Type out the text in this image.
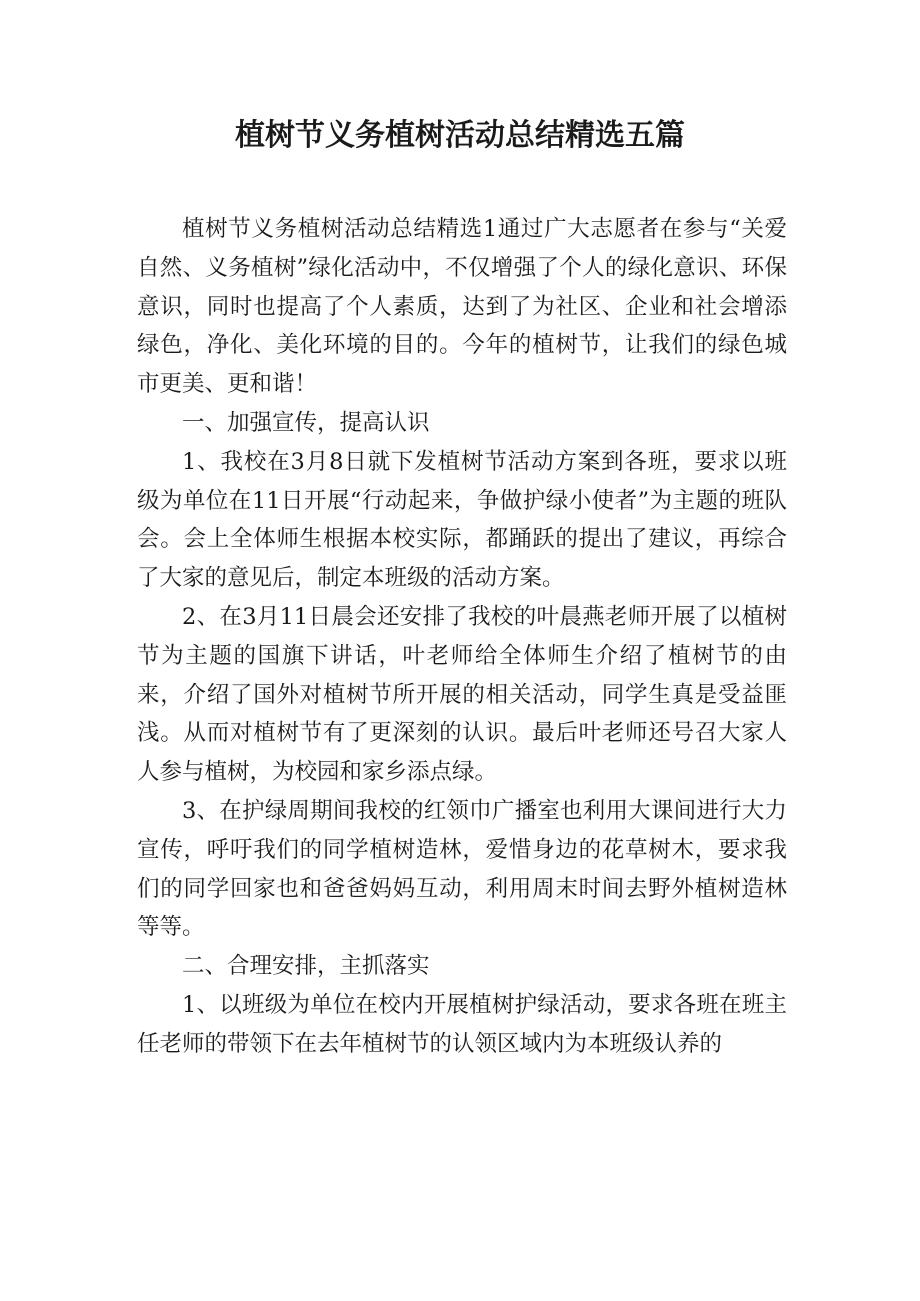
植树节义务植树活动总结精选五篇

植树节义务植树活动总结精选1通过广大志愿者在参与“关爱自然、义务植树”绿化活动中，不仅增强了个人的绿化意识、环保意识，同时也提高了个人素质，达到了为社区、企业和社会增添绿色，净化、美化环境的目的。今年的植树节，让我们的绿色城市更美、更和谐！

一、加强宣传，提高认识

1、我校在3月8日就下发植树节活动方案到各班，要求以班级为单位在11日开展“行动起来，争做护绿小使者”为主题的班队会。会上全体师生根据本校实际，都踊跃的提出了建议，再综合了大家的意见后，制定本班级的活动方案。

2、在3月11日晨会还安排了我校的叶晨燕老师开展了以植树节为主题的国旗下讲话，叶老师给全体师生介绍了植树节的由来，介绍了国外对植树节所开展的相关活动，同学生真是受益匪浅。从而对植树节有了更深刻的认识。最后叶老师还号召大家人人参与植树，为校园和家乡添点绿。

3、在护绿周期间我校的红领巾广播室也利用大课间进行大力宣传，呼吁我们的同学植树造林，爱惜身边的花草树木，要求我们的同学回家也和爸爸妈妈互动，利用周末时间去野外植树造林等等。

二、合理安排，主抓落实

1、以班级为单位在校内开展植树护绿活动，要求各班在班主任老师的带领下在去年植树节的认领区域内为本班级认养的
